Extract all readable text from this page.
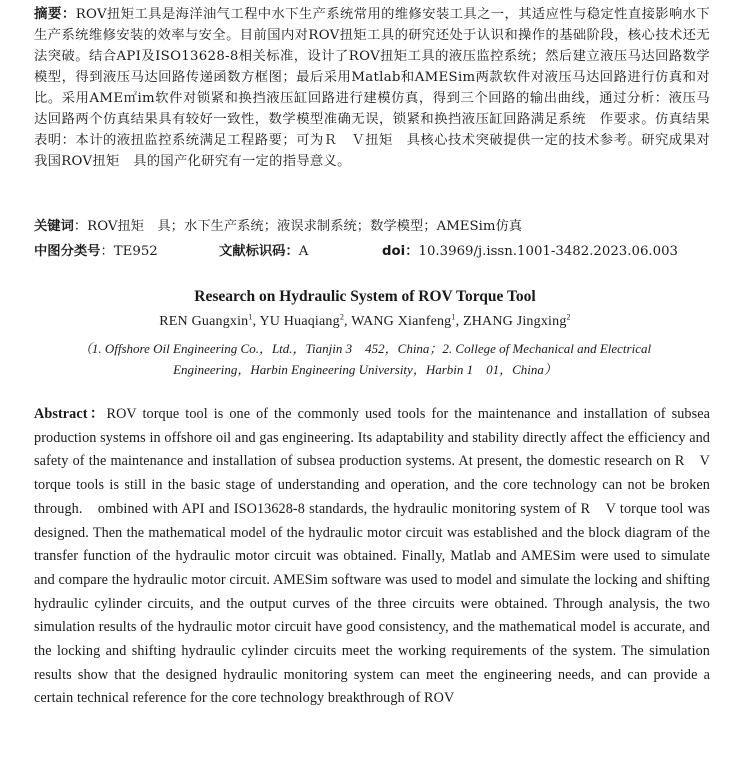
摘要：ROV扭矩工具是海洋油气工程中水下生产系统常用的维修安装工具之一，其适应性与稳定性直接影响水下生产系统维修安装的效率与安全。目前国内对ROV扭矩工具的研究还处于认识和操作的基础阶段，核心技术还无法突破。结合API及ISO13628-8相关标准，设计了ROV扭矩工具的液压监控系统；然后建立液压马达回路数学模型，得到液压马达回路传递函数方框图；最后采用Matlab和AMESim两款软件对液压马达回路进行仿真和对比。采用AME㎡im软件对锁紧和换挡液压缸回路进行建模仿真，得到三个回路的输出曲线，通过分析：液压马达回路两个仿真结果具有较好一致性，数学模型准确无误，锁紧和换挡液压缸回路满足系统　作要求。仿真结果表明：本计的液扭监控系统满足工程路要；可为Ｒ　Ｖ扭矩　具核心技术突破提供一定的技术参考。研究成果对我国ROV扭矩　具的国产化研究有一定的指导意义。
关键词：ROV扭矩　具；水下生产系统；液误求制系统；数学模型；AMESim仿真
中图分类号：TE952	文献标识码：A	doi：10.3969/j.issn.1001-3482.2023.06.003
Research on Hydraulic System of ROV Torque Tool
REN Guangxin$^1$, YU Huaqiang$^2$, WANG Xianfeng$^1$, ZHANG Jingxing$^2$
（1. Offshore Oil Engineering Co.，Ltd.，Tianjin 3　452，China；2. College of Mechanical and Electrical
Engineering，Harbin Engineering University，Harbin 1　01，China）
Abstract：ROV torque tool is one of the commonly used tools for the maintenance and installation of subsea production systems in offshore oil and gas engineering. Its adaptability and stability directly affect the efficiency and safety of the maintenance and installation of subsea production systems. At present, the domestic research on R　V torque tools is still in the basic stage of understanding and operation, and the core technology can not be broken through.　ombined with API and ISO13628-8 standards, the hydraulic monitoring system of R　V torque tool was designed. Then the mathematical model of the hydraulic motor circuit was established and the block diagram of the transfer function of the hydraulic motor circuit was obtained. Finally, Matlab and AMESim were used to simulate and compare the hydraulic motor circuit. AMESim software was used to model and simulate the locking and shifting hydraulic cylinder circuits, and the output curves of the three circuits were obtained. Through analysis, the two simulation results of the hydraulic motor circuit have good consistency, and the mathematical model is accurate, and the locking and shifting hydraulic cylinder circuits meet the working requirements of the system. The simulation results show that the designed hydraulic monitoring system can meet the engineering needs, and can provide a certain technical reference for the core technology breakthrough of ROV
